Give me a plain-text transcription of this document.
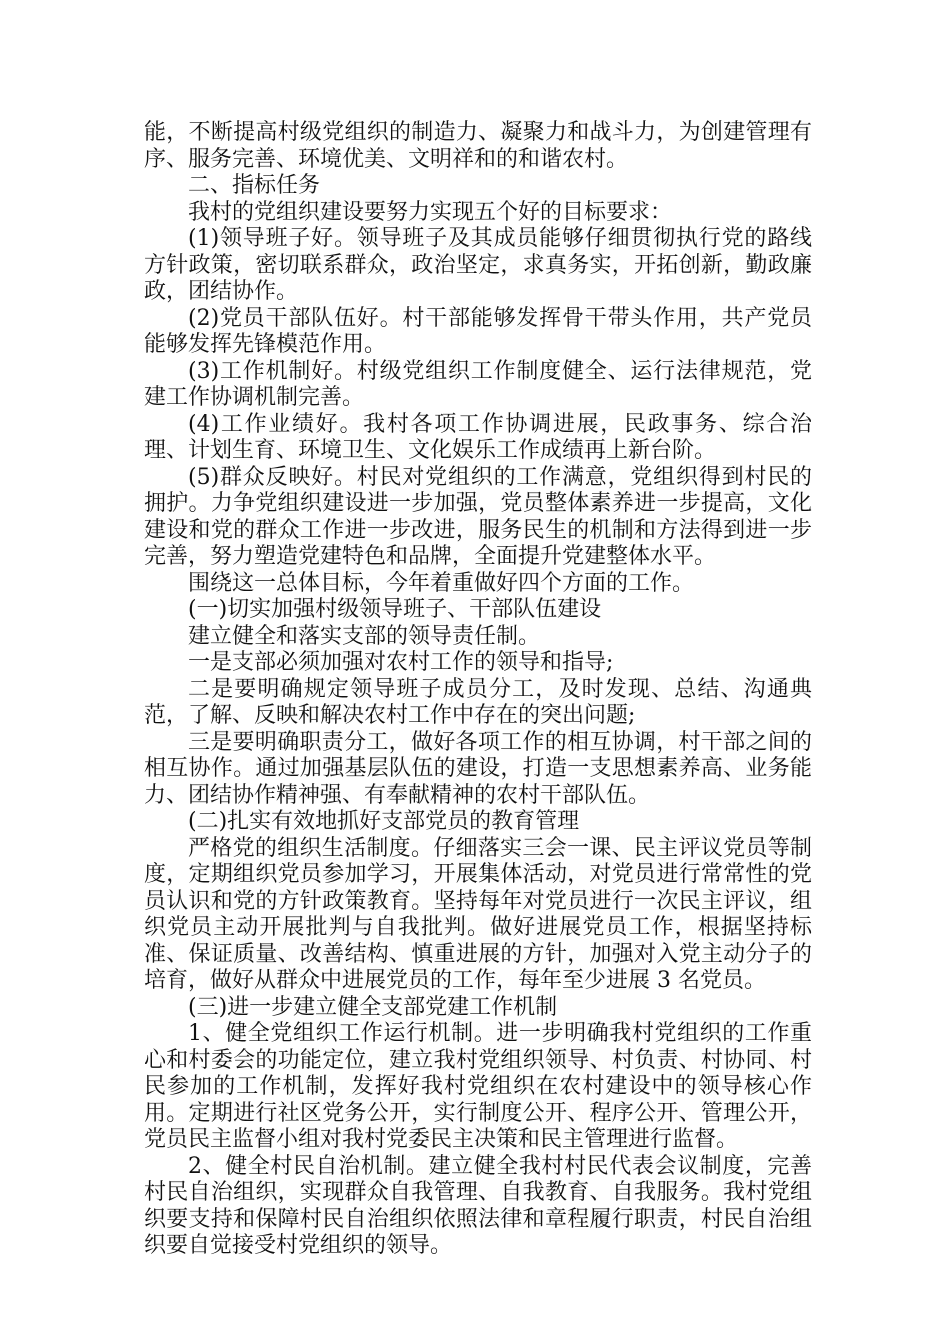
能，不断提高村级党组织的制造力、凝聚力和战斗力，为创建管理有序、服务完善、环境优美、文明祥和的和谐农村。

二、指标任务

我村的党组织建设要努力实现五个好的目标要求：

(1)领导班子好。领导班子及其成员能够仔细贯彻执行党的路线方针政策，密切联系群众，政治坚定，求真务实，开拓创新，勤政廉政，团结协作。

(2)党员干部队伍好。村干部能够发挥骨干带头作用，共产党员能够发挥先锋模范作用。

(3)工作机制好。村级党组织工作制度健全、运行法律规范，党建工作协调机制完善。

(4)工作业绩好。我村各项工作协调进展，民政事务、综合治理、计划生育、环境卫生、文化娱乐工作成绩再上新台阶。

(5)群众反映好。村民对党组织的工作满意，党组织得到村民的拥护。力争党组织建设进一步加强，党员整体素养进一步提高，文化建设和党的群众工作进一步改进，服务民生的机制和方法得到进一步完善，努力塑造党建特色和品牌，全面提升党建整体水平。

围绕这一总体目标，今年着重做好四个方面的工作。

(一)切实加强村级领导班子、干部队伍建设

建立健全和落实支部的领导责任制。

一是支部必须加强对农村工作的领导和指导;

二是要明确规定领导班子成员分工，及时发现、总结、沟通典范，了解、反映和解决农村工作中存在的突出问题;

三是要明确职责分工，做好各项工作的相互协调，村干部之间的相互协作。通过加强基层队伍的建设，打造一支思想素养高、业务能力、团结协作精神强、有奉献精神的农村干部队伍。

(二)扎实有效地抓好支部党员的教育管理

严格党的组织生活制度。仔细落实三会一课、民主评议党员等制度，定期组织党员参加学习，开展集体活动，对党员进行常常性的党员认识和党的方针政策教育。坚持每年对党员进行一次民主评议，组织党员主动开展批判与自我批判。做好进展党员工作，根据坚持标准、保证质量、改善结构、慎重进展的方针，加强对入党主动分子的培育，做好从群众中进展党员的工作，每年至少进展 3 名党员。

(三)进一步建立健全支部党建工作机制

1、健全党组织工作运行机制。进一步明确我村党组织的工作重心和村委会的功能定位，建立我村党组织领导、村负责、村协同、村民参加的工作机制，发挥好我村党组织在农村建设中的领导核心作用。定期进行社区党务公开，实行制度公开、程序公开、管理公开，党员民主监督小组对我村党委民主决策和民主管理进行监督。

2、健全村民自治机制。建立健全我村村民代表会议制度，完善村民自治组织，实现群众自我管理、自我教育、自我服务。我村党组织要支持和保障村民自治组织依照法律和章程履行职责，村民自治组织要自觉接受村党组织的领导。
